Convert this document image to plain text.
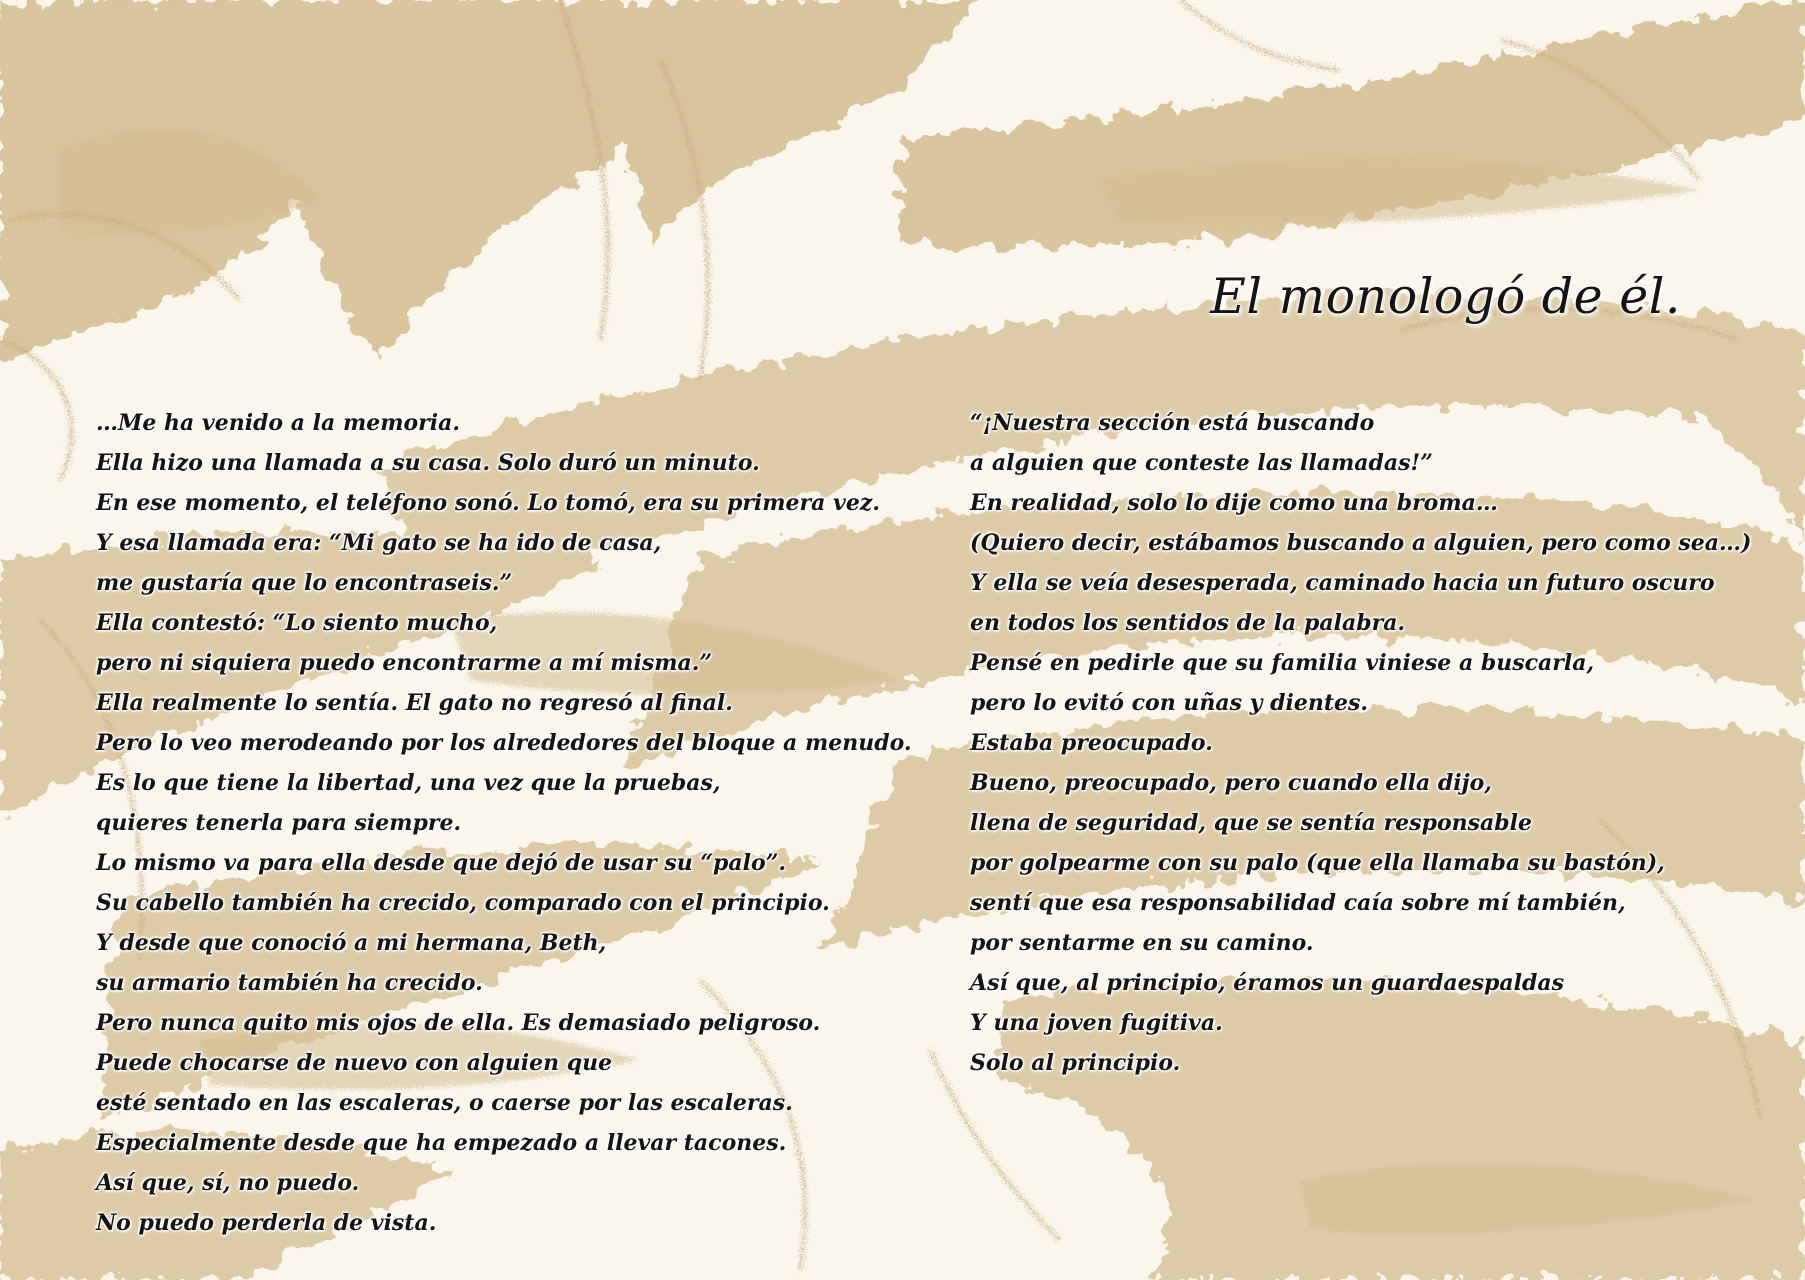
El monologó de él.
…Me ha venido a la memoria.
Ella hizo una llamada a su casa. Solo duró un minuto.
En ese momento, el teléfono sonó. Lo tomó, era su primera vez.
Y esa llamada era: “Mi gato se ha ido de casa,
me gustaría que lo encontraseis.”
Ella contestó: “Lo siento mucho,
pero ni siquiera puedo encontrarme a mí misma.”
Ella realmente lo sentía. El gato no regresó al final.
Pero lo veo merodeando por los alrededores del bloque a menudo.
Es lo que tiene la libertad, una vez que la pruebas,
quieres tenerla para siempre.
Lo mismo va para ella desde que dejó de usar su “palo”.
Su cabello también ha crecido, comparado con el principio.
Y desde que conoció a mi hermana, Beth,
su armario también ha crecido.
Pero nunca quito mis ojos de ella. Es demasiado peligroso.
Puede chocarse de nuevo con alguien que
esté sentado en las escaleras, o caerse por las escaleras.
Especialmente desde que ha empezado a llevar tacones.
Así que, sí, no puedo.
No puedo perderla de vista.
“¡Nuestra sección está buscando
a alguien que conteste las llamadas!”
En realidad, solo lo dije como una broma…
(Quiero decir, estábamos buscando a alguien, pero como sea…)
Y ella se veía desesperada, caminado hacia un futuro oscuro
en todos los sentidos de la palabra.
Pensé en pedirle que su familia viniese a buscarla,
pero lo evitó con uñas y dientes.
Estaba preocupado.
Bueno, preocupado, pero cuando ella dijo,
llena de seguridad, que se sentía responsable
por golpearme con su palo (que ella llamaba su bastón),
sentí que esa responsabilidad caía sobre mí también,
por sentarme en su camino.
Así que, al principio, éramos un guardaespaldas
Y una joven fugitiva.
Solo al principio.
